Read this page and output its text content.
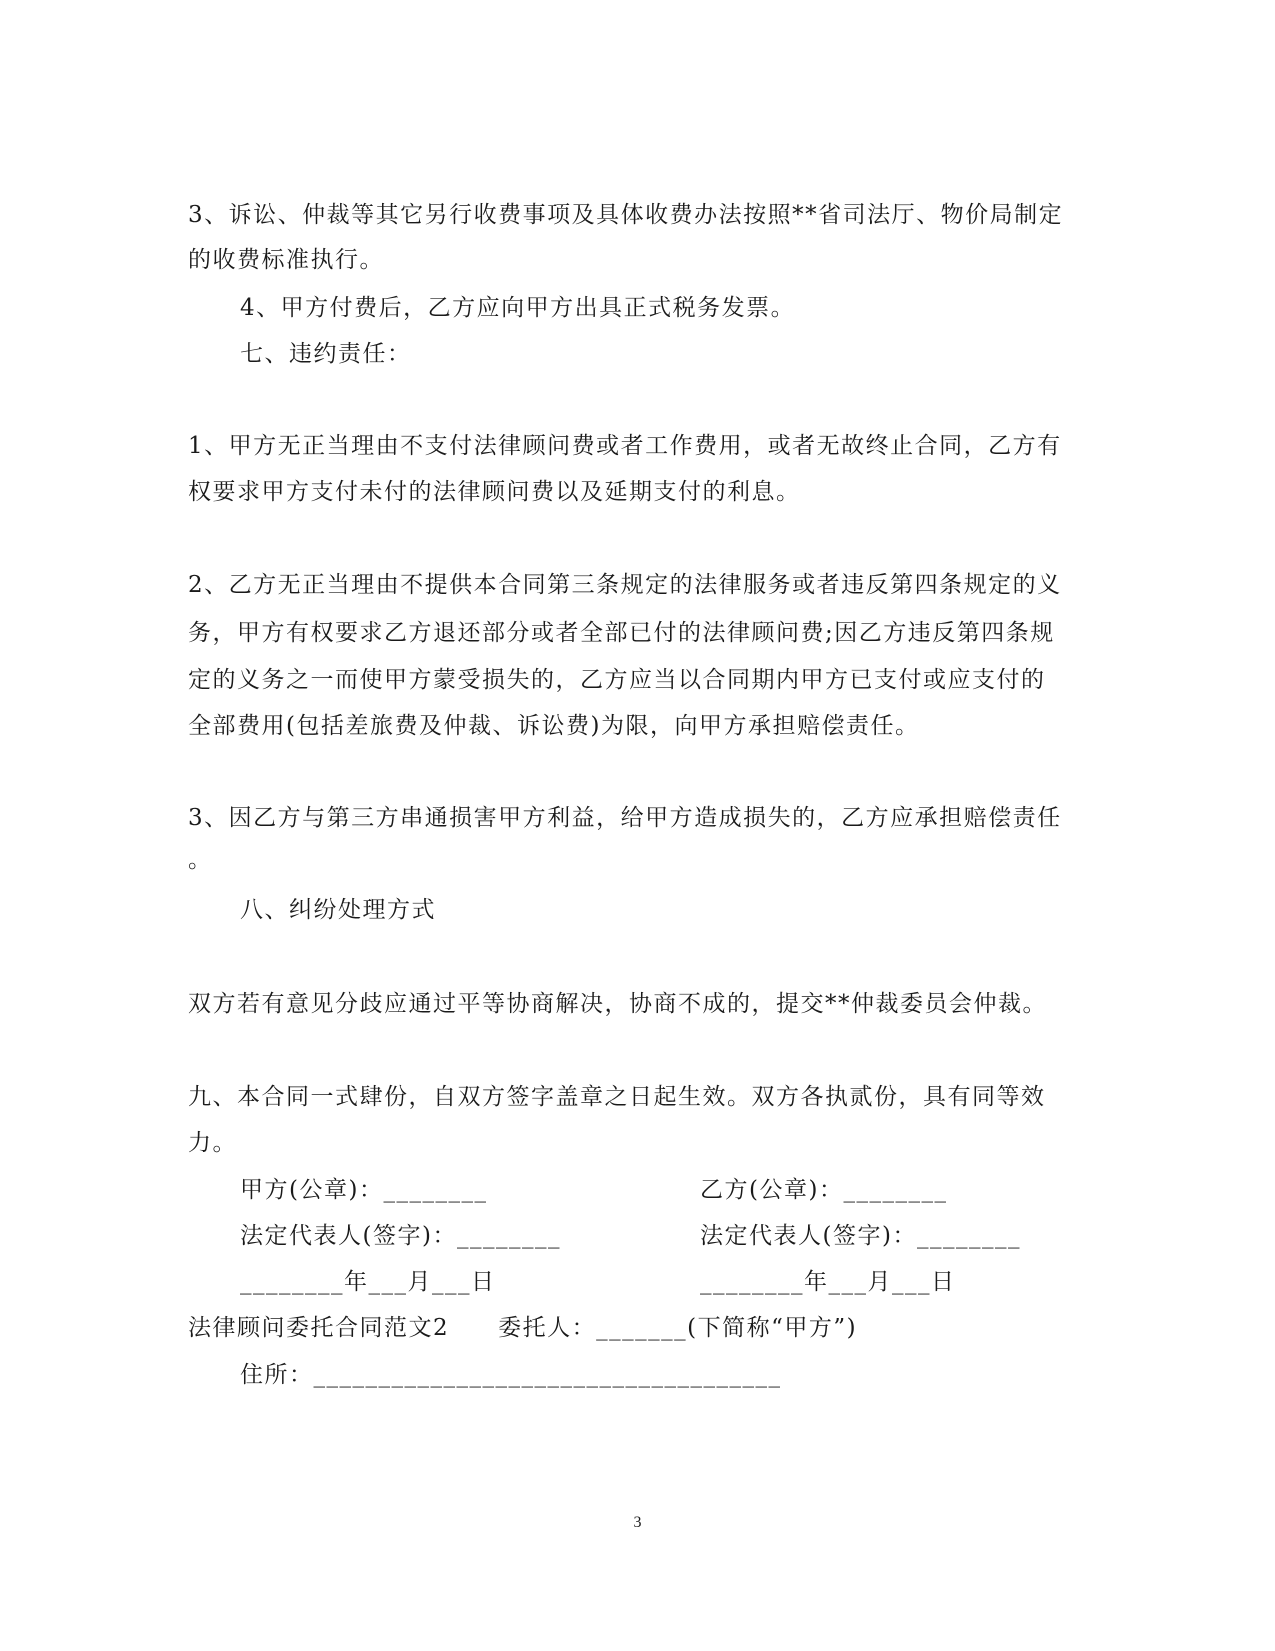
3、诉讼、仲裁等其它另行收费事项及具体收费办法按照**省司法厅、物价局制定
的收费标准执行。
4、甲方付费后，乙方应向甲方出具正式税务发票。
七、违约责任：
1、甲方无正当理由不支付法律顾问费或者工作费用，或者无故终止合同，乙方有
权要求甲方支付未付的法律顾问费以及延期支付的利息。
2、乙方无正当理由不提供本合同第三条规定的法律服务或者违反第四条规定的义
务，甲方有权要求乙方退还部分或者全部已付的法律顾问费;因乙方违反第四条规
定的义务之一而使甲方蒙受损失的，乙方应当以合同期内甲方已支付或应支付的
全部费用(包括差旅费及仲裁、诉讼费)为限，向甲方承担赔偿责任。
3、因乙方与第三方串通损害甲方利益，给甲方造成损失的，乙方应承担赔偿责任
。
八、纠纷处理方式
双方若有意见分歧应通过平等协商解决，协商不成的，提交**仲裁委员会仲裁。
九、本合同一式肆份，自双方签字盖章之日起生效。双方各执贰份，具有同等效
力。
甲方(公章)：________	乙方(公章)：________
法定代表人(签字)：________	法定代表人(签字)：________
________年___月___日	________年___月___日
法律顾问委托合同范文2　　委托人：_______(下简称“甲方”)
住所：____________________________________
3
